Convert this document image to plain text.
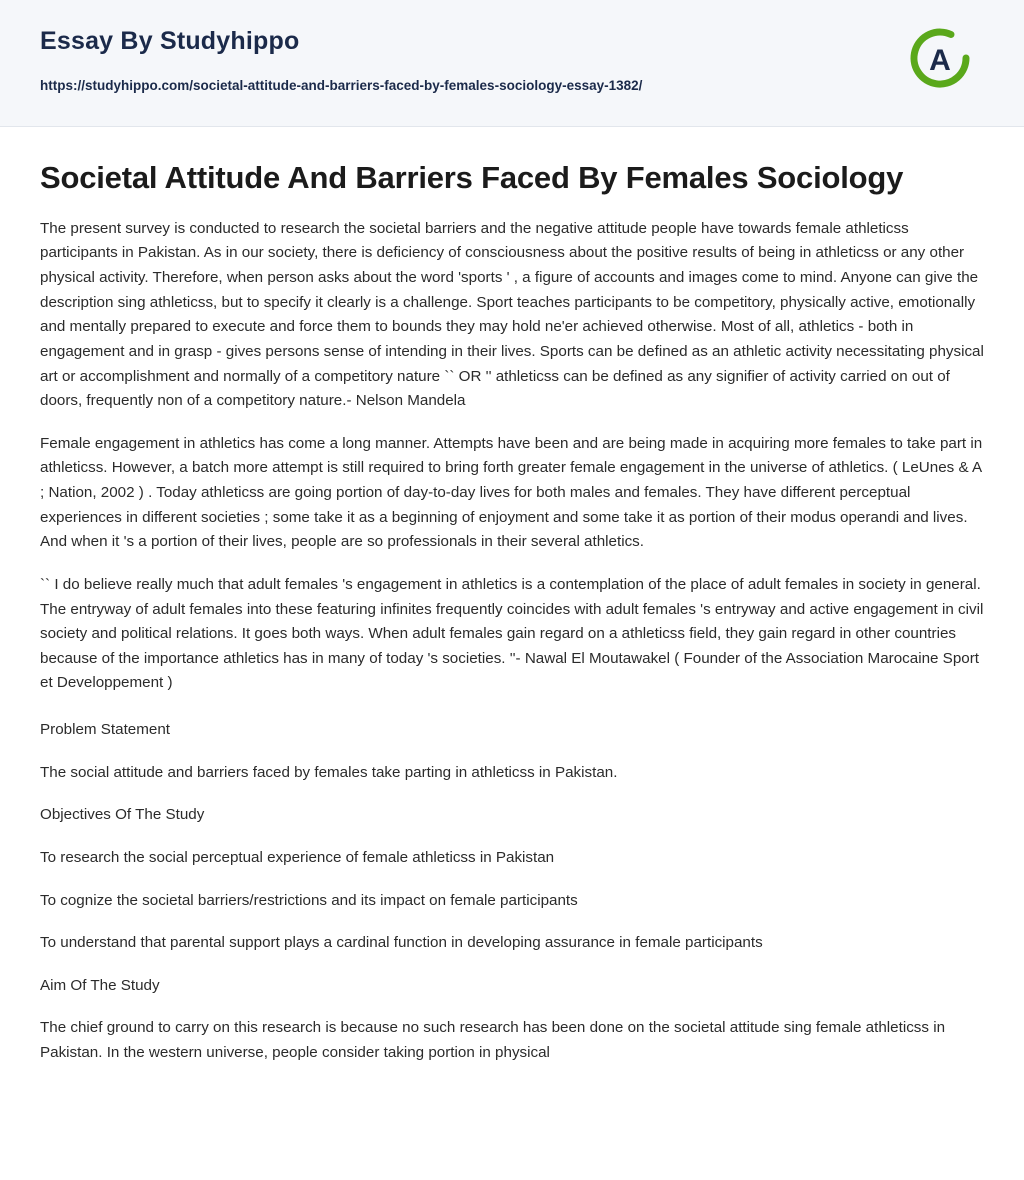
Essay By Studyhippo
https://studyhippo.com/societal-attitude-and-barriers-faced-by-females-sociology-essay-1382/
A
Societal Attitude And Barriers Faced By Females Sociology

The present survey is conducted to research the societal barriers and the negative attitude people have towards female athleticss participants in Pakistan. As in our society, there is deficiency of consciousness about the positive results of being in athleticss or any other physical activity. Therefore, when person asks about the word 'sports ' , a figure of accounts and images come to mind. Anyone can give the description sing athleticss, but to specify it clearly is a challenge. Sport teaches participants to be competitory, physically active, emotionally and mentally prepared to execute and force them to bounds they may hold ne'er achieved otherwise. Most of all, athletics - both in engagement and in grasp - gives persons sense of intending in their lives. Sports can be defined as an athletic activity necessitating physical art or accomplishment and normally of a competitory nature `` OR '' athleticss can be defined as any signifier of activity carried on out of doors, frequently non of a competitory nature.- Nelson Mandela

Female engagement in athletics has come a long manner. Attempts have been and are being made in acquiring more females to take part in athleticss. However, a batch more attempt is still required to bring forth greater female engagement in the universe of athletics. ( LeUnes & A ; Nation, 2002 ) . Today athleticss are going portion of day-to-day lives for both males and females. They have different perceptual experiences in different societies ; some take it as a beginning of enjoyment and some take it as portion of their modus operandi and lives. And when it 's a portion of their lives, people are so professionals in their several athletics.

`` I do believe really much that adult females 's engagement in athletics is a contemplation of the place of adult females in society in general. The entryway of adult females into these featuring infinites frequently coincides with adult females 's entryway and active engagement in civil society and political relations. It goes both ways. When adult females gain regard on a athleticss field, they gain regard in other countries because of the importance athletics has in many of today 's societies. ''- Nawal El Moutawakel ( Founder of the Association Marocaine Sport et Developpement )

Problem Statement
The social attitude and barriers faced by females take parting in athleticss in Pakistan.
Objectives Of The Study
To research the social perceptual experience of female athleticss in Pakistan
To cognize the societal barriers/restrictions and its impact on female participants
To understand that parental support plays a cardinal function in developing assurance in female participants
Aim Of The Study
The chief ground to carry on this research is because no such research has been done on the societal attitude sing female athleticss in Pakistan. In the western universe, people consider taking portion in physical
